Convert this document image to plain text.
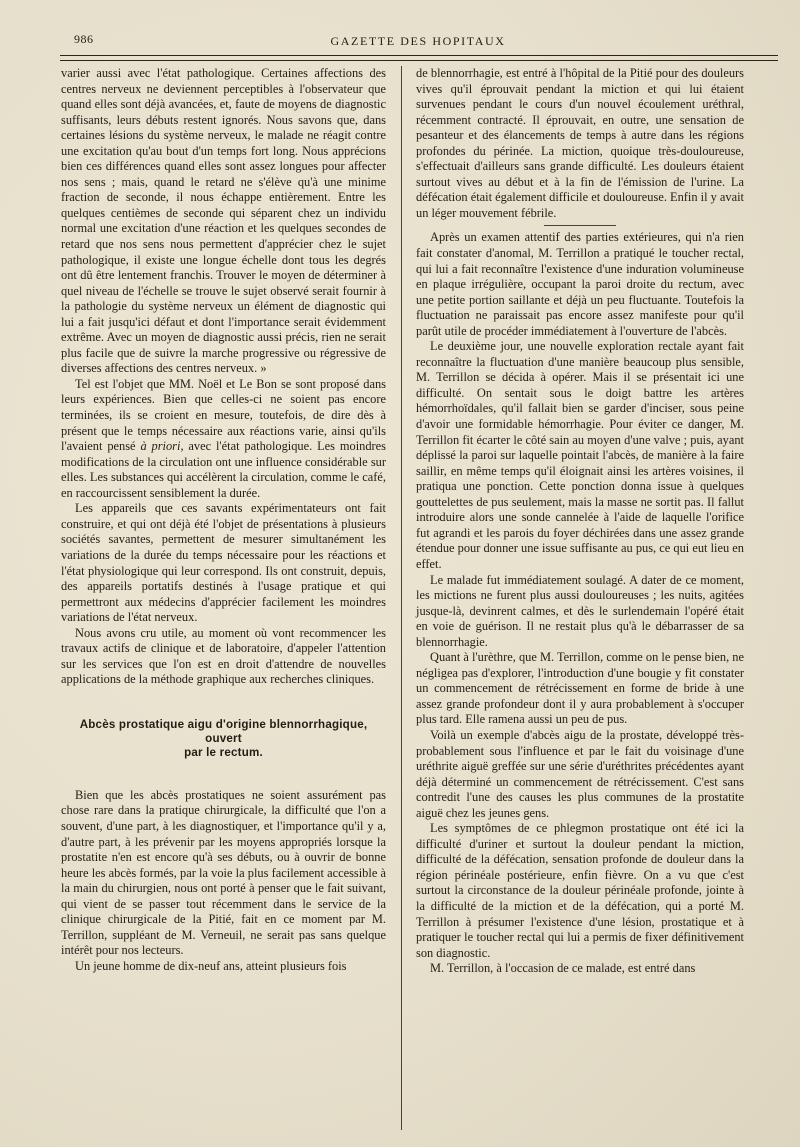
986	GAZETTE DES HOPITAUX

varier aussi avec l'état pathologique. Certaines affections des centres nerveux ne deviennent perceptibles à l'observateur que quand elles sont déjà avancées, et, faute de moyens de diagnostic suffisants, leurs débuts restent ignorés. Nous savons que, dans certaines lésions du système nerveux, le malade ne réagit contre une excitation qu'au bout d'un temps fort long. Nous apprécions bien ces différences quand elles sont assez longues pour affecter nos sens ; mais, quand le retard ne s'élève qu'à une minime fraction de seconde, il nous échappe entièrement. Entre les quelques centièmes de seconde qui séparent chez un individu normal une excitation d'une réaction et les quelques secondes de retard que nos sens nous permettent d'apprécier chez le sujet pathologique, il existe une longue échelle dont tous les degrés ont dû être lentement franchis. Trouver le moyen de déterminer à quel niveau de l'échelle se trouve le sujet observé serait fournir à la pathologie du système nerveux un élément de diagnostic qui lui a fait jusqu'ici défaut et dont l'importance serait évidemment extrême. Avec un moyen de diagnostic aussi précis, rien ne serait plus facile que de suivre la marche progressive ou régressive de diverses affections des centres nerveux. »

Tel est l'objet que MM. Noël et Le Bon se sont proposé dans leurs expériences. Bien que celles-ci ne soient pas encore terminées, ils se croient en mesure, toutefois, de dire dès à présent que le temps nécessaire aux réactions varie, ainsi qu'ils l'avaient pensé à priori, avec l'état pathologique. Les moindres modifications de la circulation ont une influence considérable sur elles. Les substances qui accélèrent la circulation, comme le café, en raccourcissent sensiblement la durée.

Les appareils que ces savants expérimentateurs ont fait construire, et qui ont déjà été l'objet de présentations à plusieurs sociétés savantes, permettent de mesurer simultanément les variations de la durée du temps nécessaire pour les réactions et l'état physiologique qui leur correspond. Ils ont construit, depuis, des appareils portatifs destinés à l'usage pratique et qui permettront aux médecins d'apprécier facilement les moindres variations de l'état nerveux.

Nous avons cru utile, au moment où vont recommencer les travaux actifs de clinique et de laboratoire, d'appeler l'attention sur les services que l'on est en droit d'attendre de nouvelles applications de la méthode graphique aux recherches cliniques.

Abcès prostatique aigu d'origine blennorrhagique, ouvert
par le rectum.

Bien que les abcès prostatiques ne soient assurément pas chose rare dans la pratique chirurgicale, la difficulté que l'on a souvent, d'une part, à les diagnostiquer, et l'importance qu'il y a, d'autre part, à les prévenir par les moyens appropriés lorsque la prostatite n'en est encore qu'à ses débuts, ou à ouvrir de bonne heure les abcès formés, par la voie la plus facilement accessible à la main du chirurgien, nous ont porté à penser que le fait suivant, qui vient de se passer tout récemment dans le service de la clinique chirurgicale de la Pitié, fait en ce moment par M. Terrillon, suppléant de M. Verneuil, ne serait pas sans quelque intérêt pour nos lecteurs.

Un jeune homme de dix-neuf ans, atteint plusieurs fois

de blennorrhagie, est entré à l'hôpital de la Pitié pour des douleurs vives qu'il éprouvait pendant la miction et qui lui étaient survenues pendant le cours d'un nouvel écoulement uréthral, récemment contracté. Il éprouvait, en outre, une sensation de pesanteur et des élancements de temps à autre dans les régions profondes du périnée. La miction, quoique très-douloureuse, s'effectuait d'ailleurs sans grande difficulté. Les douleurs étaient surtout vives au début et à la fin de l'émission de l'urine. La défécation était également difficile et douloureuse. Enfin il y avait un léger mouvement fébrile.

Après un examen attentif des parties extérieures, qui n'a rien fait constater d'anomal, M. Terrillon a pratiqué le toucher rectal, qui lui a fait reconnaître l'existence d'une induration volumineuse en plaque irrégulière, occupant la paroi droite du rectum, avec une petite portion saillante et déjà un peu fluctuante. Toutefois la fluctuation ne paraissait pas encore assez manifeste pour qu'il parût utile de procéder immédiatement à l'ouverture de l'abcès.

Le deuxième jour, une nouvelle exploration rectale ayant fait reconnaître la fluctuation d'une manière beaucoup plus sensible, M. Terrillon se décida à opérer. Mais il se présentait ici une difficulté. On sentait sous le doigt battre les artères hémorrhoïdales, qu'il fallait bien se garder d'inciser, sous peine d'avoir une formidable hémorrhagie. Pour éviter ce danger, M. Terrillon fit écarter le côté sain au moyen d'une valve ; puis, ayant déplissé la paroi sur laquelle pointait l'abcès, de manière à la faire saillir, en même temps qu'il éloignait ainsi les artères voisines, il pratiqua une ponction. Cette ponction donna issue à quelques gouttelettes de pus seulement, mais la masse ne sortit pas. Il fallut introduire alors une sonde cannelée à l'aide de laquelle l'orifice fut agrandi et les parois du foyer déchirées dans une assez grande étendue pour donner une issue suffisante au pus, ce qui eut lieu en effet.

Le malade fut immédiatement soulagé. A dater de ce moment, les mictions ne furent plus aussi douloureuses ; les nuits, agitées jusque-là, devinrent calmes, et dès le surlendemain l'opéré était en voie de guérison. Il ne restait plus qu'à le débarrasser de sa blennorrhagie.

Quant à l'urèthre, que M. Terrillon, comme on le pense bien, ne négligea pas d'explorer, l'introduction d'une bougie y fit constater un commencement de rétrécissement en forme de bride à une assez grande profondeur dont il y aura probablement à s'occuper plus tard. Elle ramena aussi un peu de pus.

Voilà un exemple d'abcès aigu de la prostate, développé très-probablement sous l'influence et par le fait du voisinage d'une uréthrite aiguë greffée sur une série d'uréthrites précédentes ayant déjà déterminé un commencement de rétrécissement. C'est sans contredit l'une des causes les plus communes de la prostatite aiguë chez les jeunes gens.

Les symptômes de ce phlegmon prostatique ont été ici la difficulté d'uriner et surtout la douleur pendant la miction, difficulté de la défécation, sensation profonde de douleur dans la région périnéale postérieure, enfin fièvre. On a vu que c'est surtout la circonstance de la douleur périnéale profonde, jointe à la difficulté de la miction et de la défécation, qui a porté M. Terrillon à présumer l'existence d'une lésion, prostatique et à pratiquer le toucher rectal qui lui a permis de fixer définitivement son diagnostic.

M. Terrillon, à l'occasion de ce malade, est entré dans
